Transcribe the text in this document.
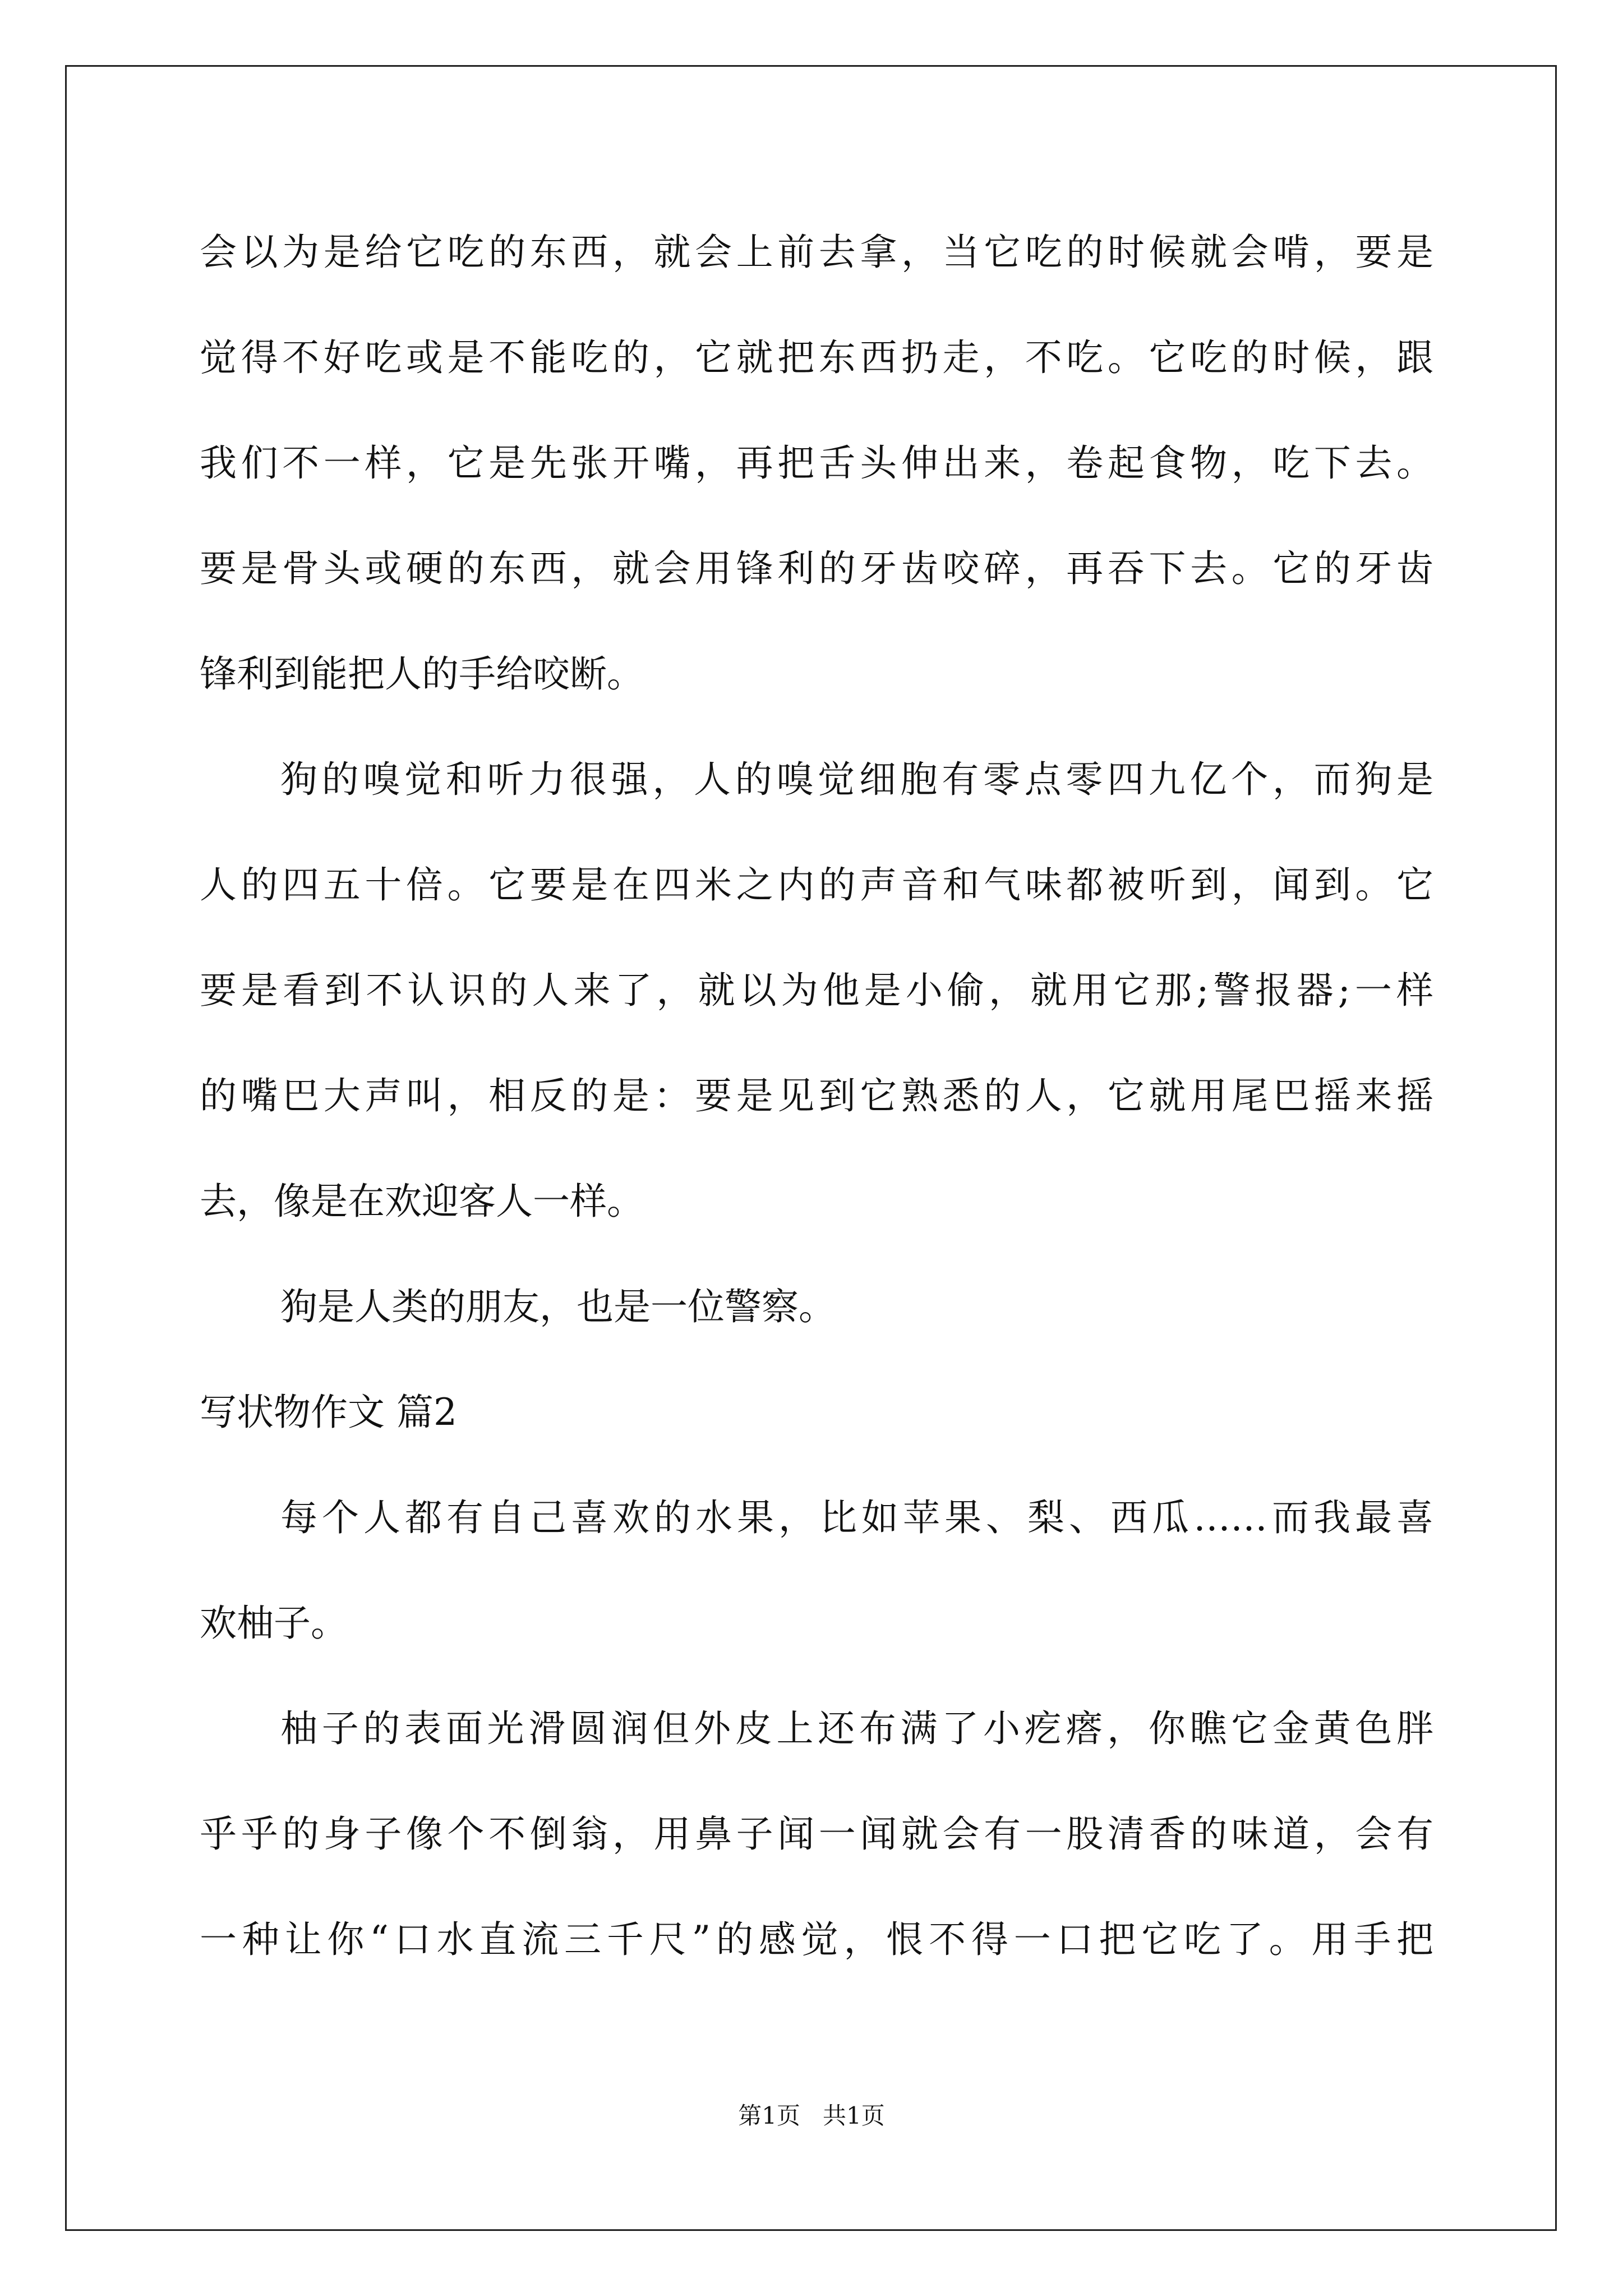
会以为是给它吃的东西，就会上前去拿，当它吃的时候就会啃，要是
觉得不好吃或是不能吃的，它就把东西扔走，不吃。它吃的时候，跟
我们不一样，它是先张开嘴，再把舌头伸出来，卷起食物，吃下去。
要是骨头或硬的东西，就会用锋利的牙齿咬碎，再吞下去。它的牙齿
锋利到能把人的手给咬断。
狗的嗅觉和听力很强，人的嗅觉细胞有零点零四九亿个，而狗是
人的四五十倍。它要是在四米之内的声音和气味都被听到，闻到。它
要是看到不认识的人来了，就以为他是小偷，就用它那;警报器;一样
的嘴巴大声叫，相反的是：要是见到它熟悉的人，它就用尾巴摇来摇
去，像是在欢迎客人一样。
狗是人类的朋友，也是一位警察。
写状物作文 篇2
每个人都有自己喜欢的水果，比如苹果、梨、西瓜……而我最喜
欢柚子。
柚子的表面光滑圆润但外皮上还布满了小疙瘩，你瞧它金黄色胖
乎乎的身子像个不倒翁，用鼻子闻一闻就会有一股清香的味道，会有
一种让你“口水直流三千尺”的感觉，恨不得一口把它吃了。用手把
第1页 共1页
